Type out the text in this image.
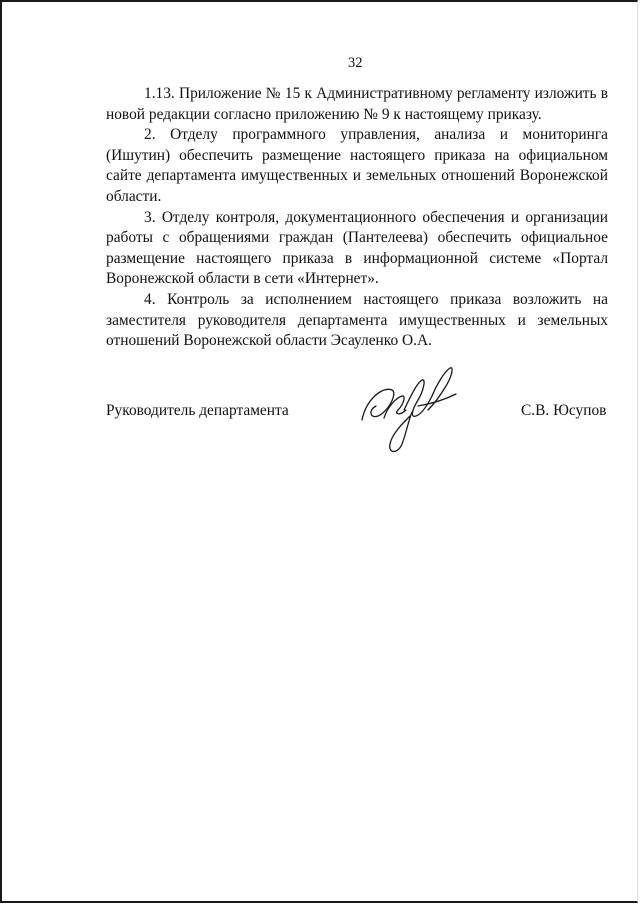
32

1.13. Приложение № 15 к Административному регламенту изложить в новой редакции согласно приложению № 9 к настоящему приказу.

2. Отделу программного управления, анализа и мониторинга (Ишутин) обеспечить размещение настоящего приказа на официальном сайте департамента имущественных и земельных отношений Воронежской области.

3. Отделу контроля, документационного обеспечения и организации работы с обращениями граждан (Пантелеева) обеспечить официальное размещение настоящего приказа в информационной системе «Портал Воронежской области в сети «Интернет».

4. Контроль за исполнением настоящего приказа возложить на заместителя руководителя департамента имущественных и земельных отношений Воронежской области Эсауленко О.А.

Руководитель департамента	С.В. Юсупов
